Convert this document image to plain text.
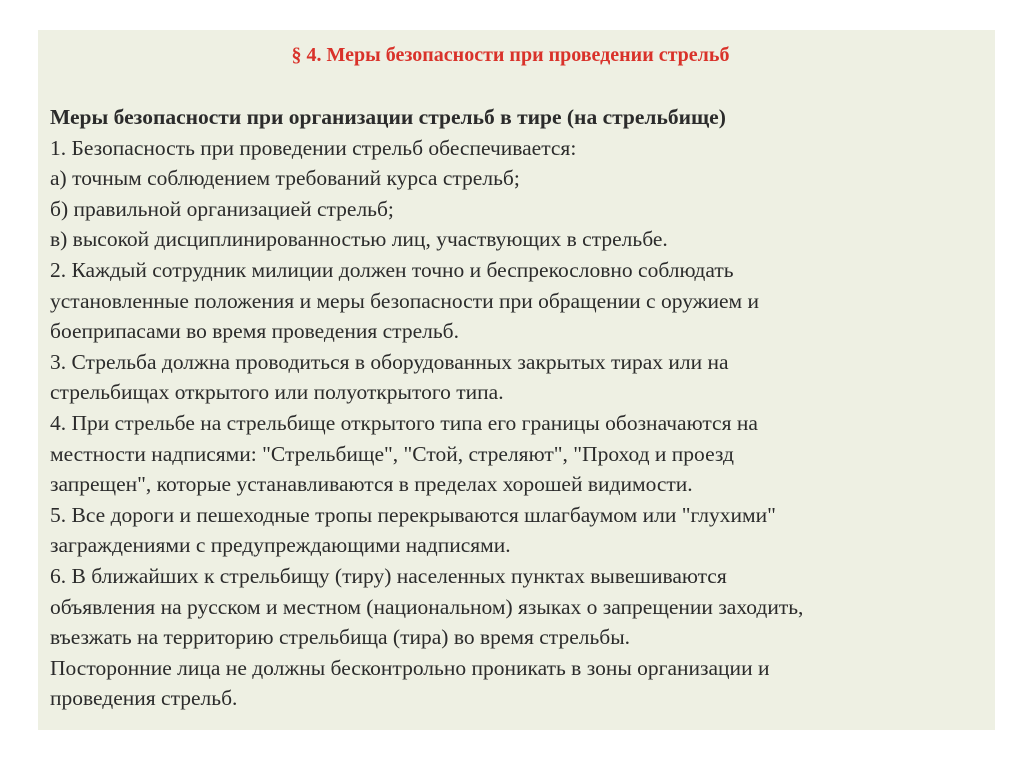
§ 4. Меры безопасности при проведении стрельб
Меры безопасности при организации стрельб в тире (на стрельбище)
1. Безопасность при проведении стрельб обеспечивается:
а) точным соблюдением требований курса стрельб;
б) правильной организацией стрельб;
в) высокой дисциплинированностью лиц, участвующих в стрельбе.
2. Каждый сотрудник милиции должен точно и беспрекословно соблюдать
установленные положения и меры безопасности при обращении с оружием и
боеприпасами во время проведения стрельб.
3. Стрельба должна проводиться в оборудованных закрытых тирах или на
стрельбищах открытого или полуоткрытого типа.
4. При стрельбе на стрельбище открытого типа его границы обозначаются на
местности надписями: "Стрельбище", "Стой, стреляют", "Проход и проезд
запрещен", которые устанавливаются в пределах хорошей видимости.
5. Все дороги и пешеходные тропы перекрываются шлагбаумом или "глухими"
заграждениями с предупреждающими надписями.
6. В ближайших к стрельбищу (тиру) населенных пунктах вывешиваются
объявления на русском и местном (национальном) языках о запрещении заходить,
въезжать на территорию стрельбища (тира) во время стрельбы.
Посторонние лица не должны бесконтрольно проникать в зоны организации и
проведения стрельб.
